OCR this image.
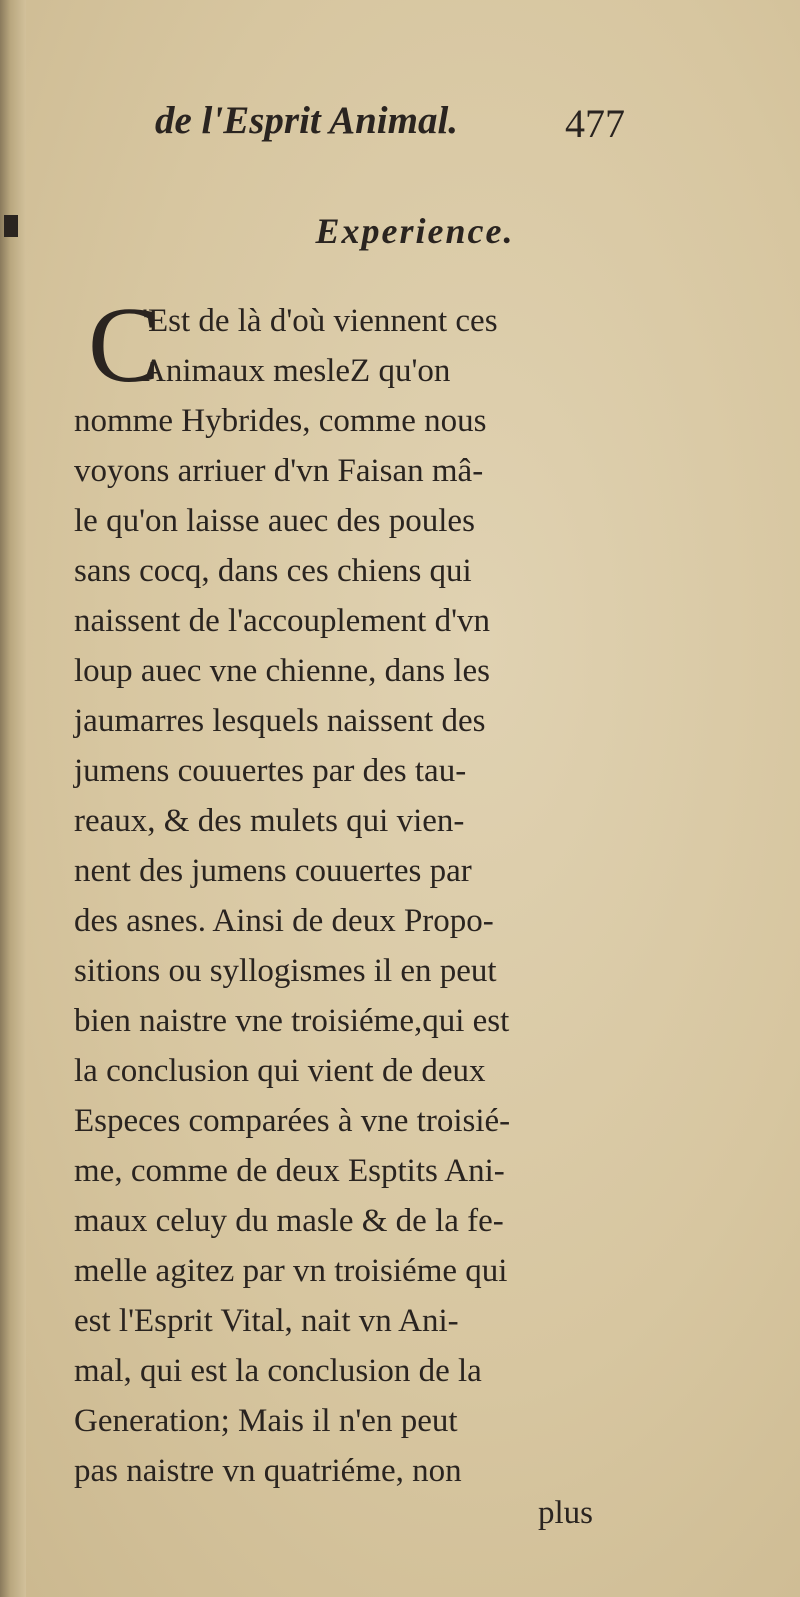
de l'Esprit Animal.	477
Experience.
C
'Est de là d'où viennent ces
Animaux mesleZ qu'on
nomme Hybrides, comme nous
voyons arriuer d'vn Faisan mâ-
le qu'on laisse auec des poules
sans cocq, dans ces chiens qui
naissent de l'accouplement d'vn
loup auec vne chienne, dans les
jaumarres lesquels naissent des
jumens couuertes par des tau-
reaux, & des mulets qui vien-
nent des jumens couuertes par
des asnes. Ainsi de deux Propo-
sitions ou syllogismes il en peut
bien naistre vne troisiéme,qui est
la conclusion qui vient de deux
Especes comparées à vne troisié-
me, comme de deux Esptits Ani-
maux celuy du masle & de la fe-
melle agitez par vn troisiéme qui
est l'Esprit Vital, nait vn Ani-
mal, qui est la conclusion de la
Generation; Mais il n'en peut
pas naistre vn quatriéme, non
plus
